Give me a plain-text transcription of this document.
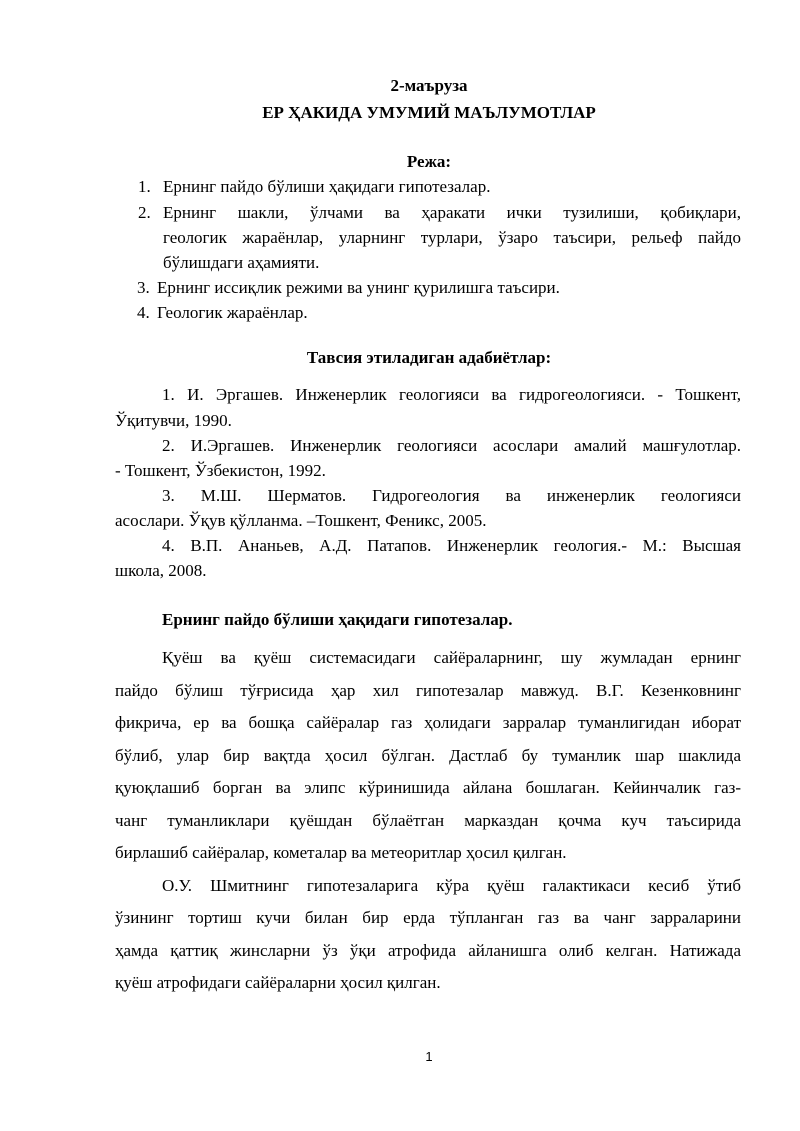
2-маъруза
ЕР ҲАКИДА УМУМИЙ МАЪЛУМОТЛАР
Режа:
1. Ернинг пайдо бўлиши ҳақидаги гипотезалар.
2. Ернинг шакли, ўлчами ва ҳаракати ички тузилиши, қобиқлари,
геологик жараёнлар, уларнинг турлари, ўзаро таъсири, рельеф пайдо
бўлишдаги аҳамияти.
3. Ернинг иссиқлик режими ва унинг қурилишга таъсири.
4. Геологик жараёнлар.
Тавсия этиладиган адабиётлар:
1. И. Эргашев. Инженерлик геологияси ва гидрогеологияси. - Тошкент,
Ўқитувчи, 1990.
2. И.Эргашев. Инженерлик геологияси асослари амалий машғулотлар.
- Тошкент, Ўзбекистон, 1992.
3. М.Ш. Шерматов. Гидрогеология ва инженерлик геологияси
асослари. Ўқув қўлланма. –Тошкент, Феникс, 2005.
4. В.П. Ананьев, А.Д. Патапов. Инженерлик геология.- М.: Высшая
школа, 2008.
Ернинг пайдо бўлиши ҳақидаги гипотезалар.
Қуёш ва қуёш системасидаги сайёраларнинг, шу жумладан ернинг
пайдо бўлиш тўғрисида ҳар хил гипотезалар мавжуд. В.Г. Кезенковнинг
фикрича, ер ва бошқа сайёралар газ ҳолидаги зарралар туманлигидан иборат
бўлиб, улар бир вақтда ҳосил бўлган. Дастлаб бу туманлик шар шаклида
қуюқлашиб борган ва элипс кўринишида айлана бошлаган. Кейинчалик газ-
чанг туманликлари қуёшдан бўлаётган марказдан қочма куч таъсирида
бирлашиб сайёралар, кометалар ва метеоритлар ҳосил қилган.
О.У. Шмитнинг гипотезаларига кўра қуёш галактикаси кесиб ўтиб
ўзининг тортиш кучи билан бир ерда тўпланган газ ва чанг зарраларини
ҳамда қаттиқ жинсларни ўз ўқи атрофида айланишга олиб келган. Натижада
қуёш атрофидаги сайёраларни ҳосил қилган.
1
